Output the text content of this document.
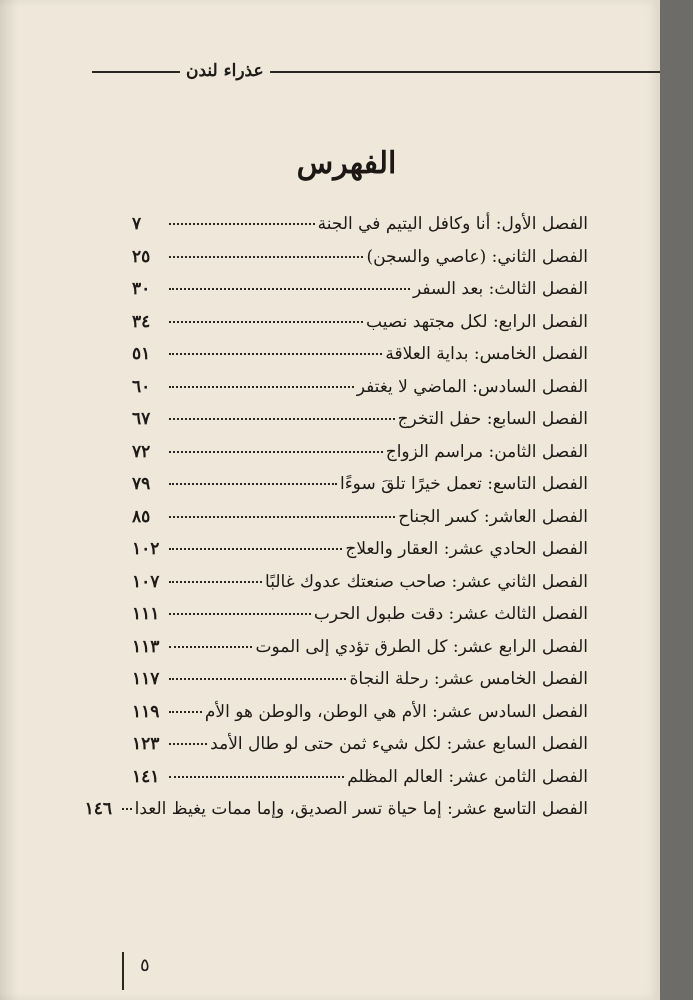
عذراء لندن
الفهرس
الفصل الأول: أنا وكافل اليتيم في الجنة
٧
الفصل الثاني: (عاصي والسجن)
٢٥
الفصل الثالث: بعد السفر
٣٠
الفصل الرابع: لكل مجتهد نصيب
٣٤
الفصل الخامس: بداية العلاقة
٥١
الفصل السادس: الماضي لا يغتفر
٦٠
الفصل السابع: حفل التخرج
٦٧
الفصل الثامن: مراسم الزواج
٧٢
الفصل التاسع: تعمل خيرًا تلقَ سوءًا
٧٩
الفصل العاشر: كسر الجناح
٨٥
الفصل الحادي عشر: العقار والعلاج
١٠٢
الفصل الثاني عشر: صاحب صنعتك عدوك غالبًا
١٠٧
الفصل الثالث عشر: دقت طبول الحرب
١١١
الفصل الرابع عشر: كل الطرق تؤدي إلى الموت
١١٣
الفصل الخامس عشر: رحلة النجاة
١١٧
الفصل السادس عشر: الأم هي الوطن، والوطن هو الأم
١١٩
الفصل السابع عشر: لكل شيء ثمن حتى لو طال الأمد
١٢٣
الفصل الثامن عشر: العالم المظلم
١٤١
الفصل التاسع عشر: إما حياة تسر الصديق، وإما ممات يغيظ العدا
١٤٦
٥
